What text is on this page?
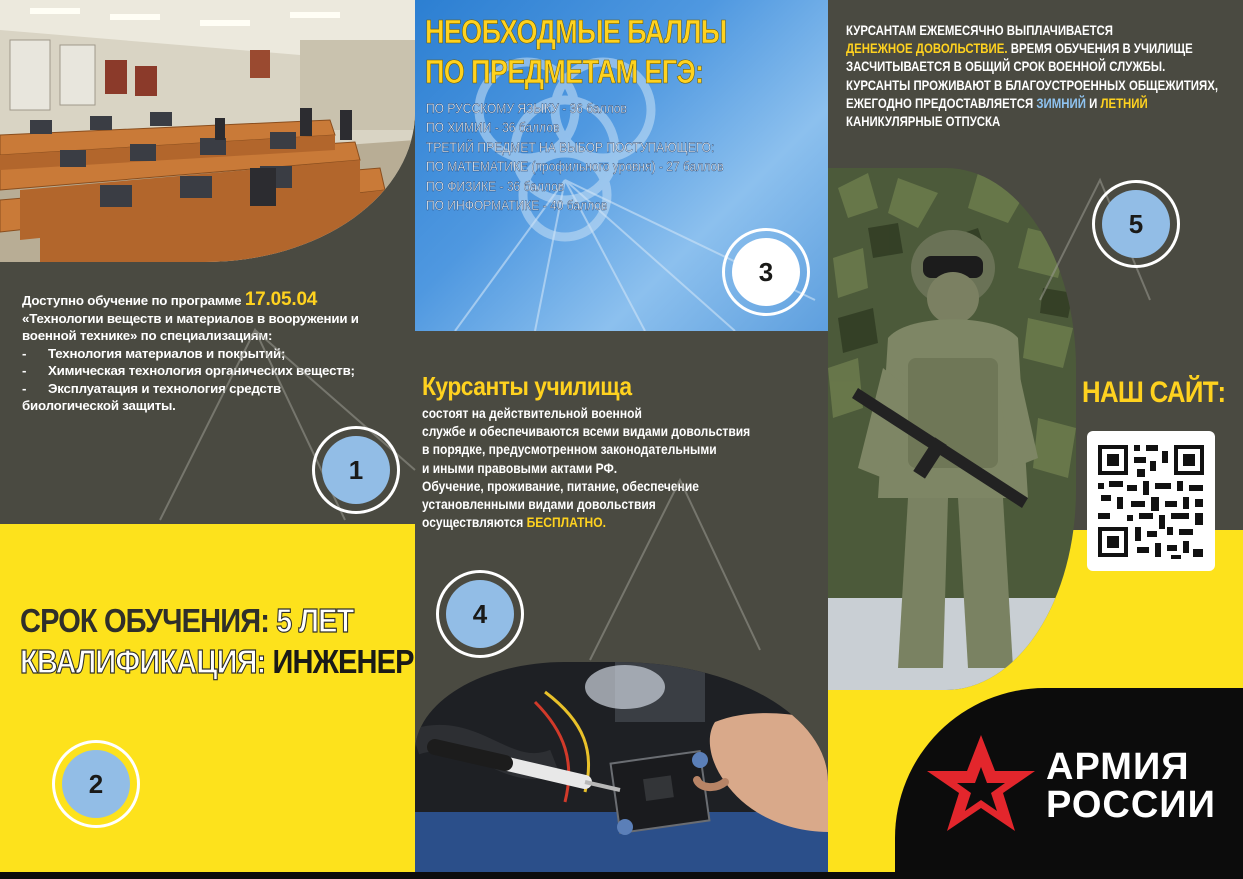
Доступно обучение по программе 17.05.04
«Технологии веществ и материалов в вооружении и военной технике» по специализациям:
-	Технология материалов и покрытий;
-	Химическая технология органических веществ;
-	Эксплуатация и технология средств
биологической защиты.
СРОК ОБУЧЕНИЯ: 5 ЛЕТ
КВАЛИФИКАЦИЯ: ИНЖЕНЕР
НЕОБХОДМЫЕ БАЛЛЫ
ПО ПРЕДМЕТАМ ЕГЭ:
ПО РУССКОМУ ЯЗЫКУ - 36 баллов
ПО ХИМИИ - 36 баллов
ТРЕТИЙ ПРЕДМЕТ НА ВЫБОР ПОСТУПАЮЩЕГО:
ПО МАТЕМАТИКЕ (профильного уровня) - 27 баллов
ПО ФИЗИКЕ - 36 баллов
ПО ИНФОРМАТИКЕ - 40 баллов
Курсанты училища
состоят на действительной военной
службе и обеспечиваются всеми видами довольствия
в порядке, предусмотренном законодательными
и иными правовыми актами РФ.
Обучение, проживание, питание, обеспечение
установленными видами довольствия
осуществляются БЕСПЛАТНО.
КУРСАНТАМ ЕЖЕМЕСЯЧНО ВЫПЛАЧИВАЕТСЯ
ДЕНЕЖНОЕ ДОВОЛЬСТВИЕ. ВРЕМЯ ОБУЧЕНИЯ В УЧИЛИЩЕ
ЗАСЧИТЫВАЕТСЯ В ОБЩИЙ СРОК ВОЕННОЙ СЛУЖБЫ.
КУРСАНТЫ ПРОЖИВАЮТ В БЛАГОУСТРОЕННЫХ ОБЩЕЖИТИЯХ,
ЕЖЕГОДНО ПРЕДОСТАВЛЯЕТСЯ ЗИМНИЙ И ЛЕТНИЙ
КАНИКУЛЯРНЫЕ ОТПУСКА
НАШ САЙТ:
АРМИЯ
РОССИИ
1
2
3
4
5
